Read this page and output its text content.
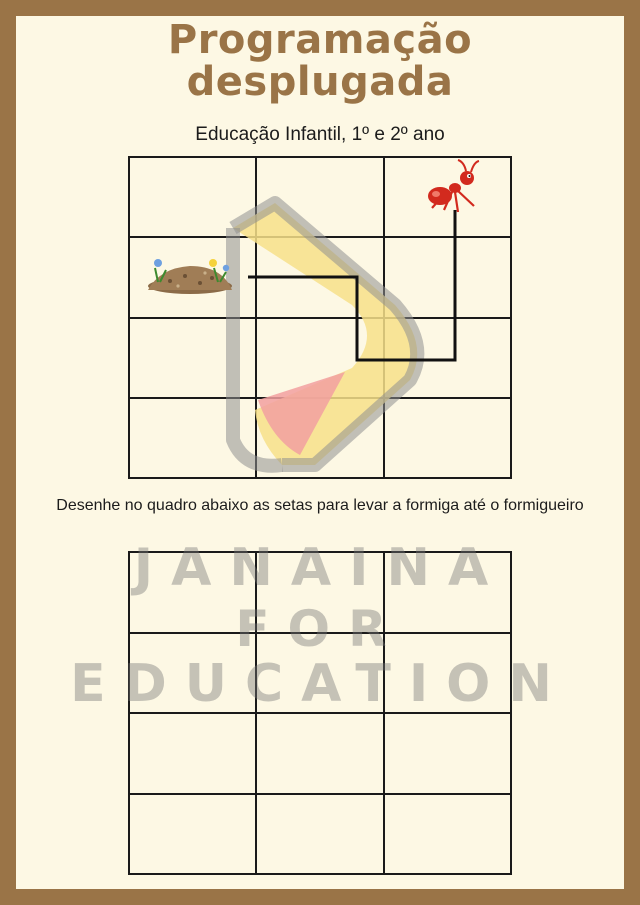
Programação
desplugada
Educação Infantil, 1º e 2º ano
Desenhe no quadro abaixo as setas para levar a formiga até o formigueiro
JANAINA
FOR
EDUCATION
